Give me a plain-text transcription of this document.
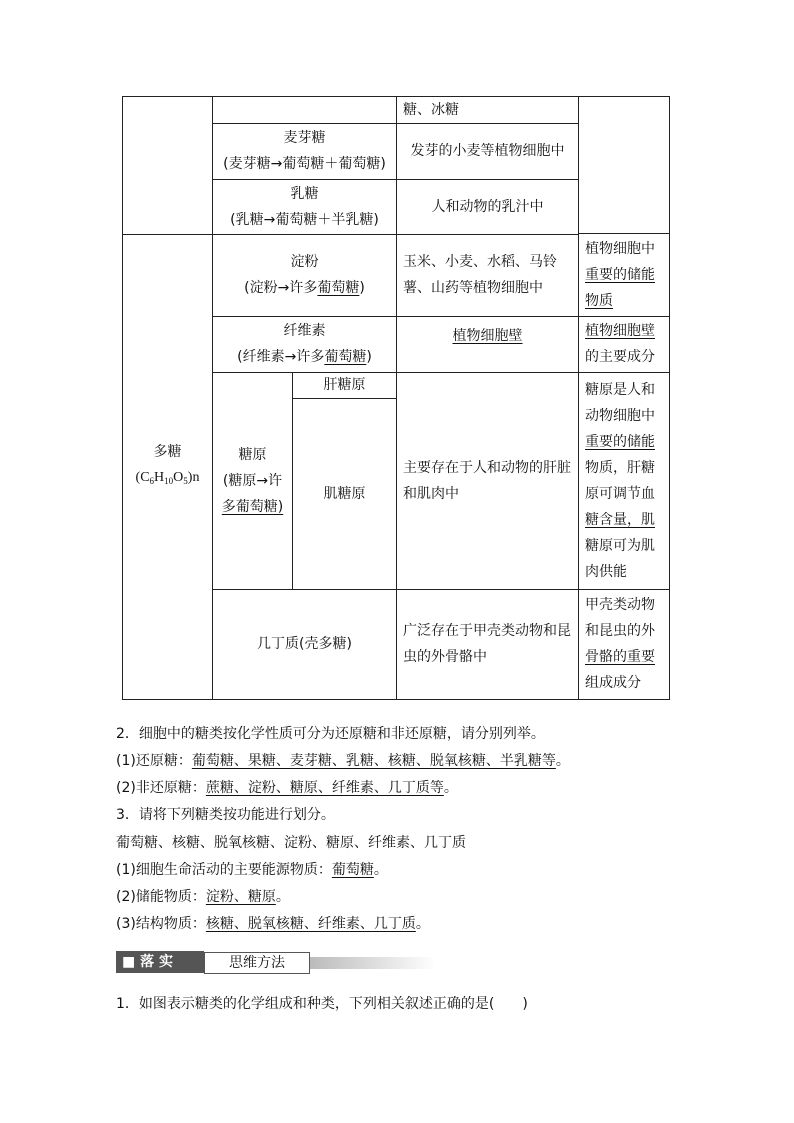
糖、冰糖
麦芽糖
(麦芽糖→葡萄糖＋葡萄糖)
发芽的小麦等植物细胞中
乳糖
(乳糖→葡萄糖＋半乳糖)
人和动物的乳汁中
多糖
$(C_6H_{10}O_5)n$
淀粉
(淀粉→许多葡萄糖)
玉米、小麦、水稻、马铃薯、山药等植物细胞中
植物细胞中
重要的储能
物质
纤维素
(纤维素→许多葡萄糖)
植物细胞壁	植物细胞壁
的主要成分
糖原
(糖原→许
多葡萄糖)
肝糖原
肌糖原
主要存在于人和动物的肝脏和肌肉中
糖原是人和
动物细胞中
重要的储能
物质，肝糖
原可调节血
糖含量，肌
糖原可为肌
肉供能
几丁质(壳多糖)
广泛存在于甲壳类动物和昆虫的外骨骼中
甲壳类动物
和昆虫的外
骨骼的重要
组成成分
2．细胞中的糖类按化学性质可分为还原糖和非还原糖，请分别列举。
(1)还原糖：葡萄糖、果糖、麦芽糖、乳糖、核糖、脱氧核糖、半乳糖等。
(2)非还原糖：蔗糖、淀粉、糖原、纤维素、几丁质等。
3．请将下列糖类按功能进行划分。
葡萄糖、核糖、脱氧核糖、淀粉、糖原、纤维素、几丁质
(1)细胞生命活动的主要能源物质：葡萄糖。
(2)储能物质：淀粉、糖原。
(3)结构物质：核糖、脱氧核糖、纤维素、几丁质。
■ 落 实	思维方法
1．如图表示糖类的化学组成和种类，下列相关叙述正确的是(　　)
